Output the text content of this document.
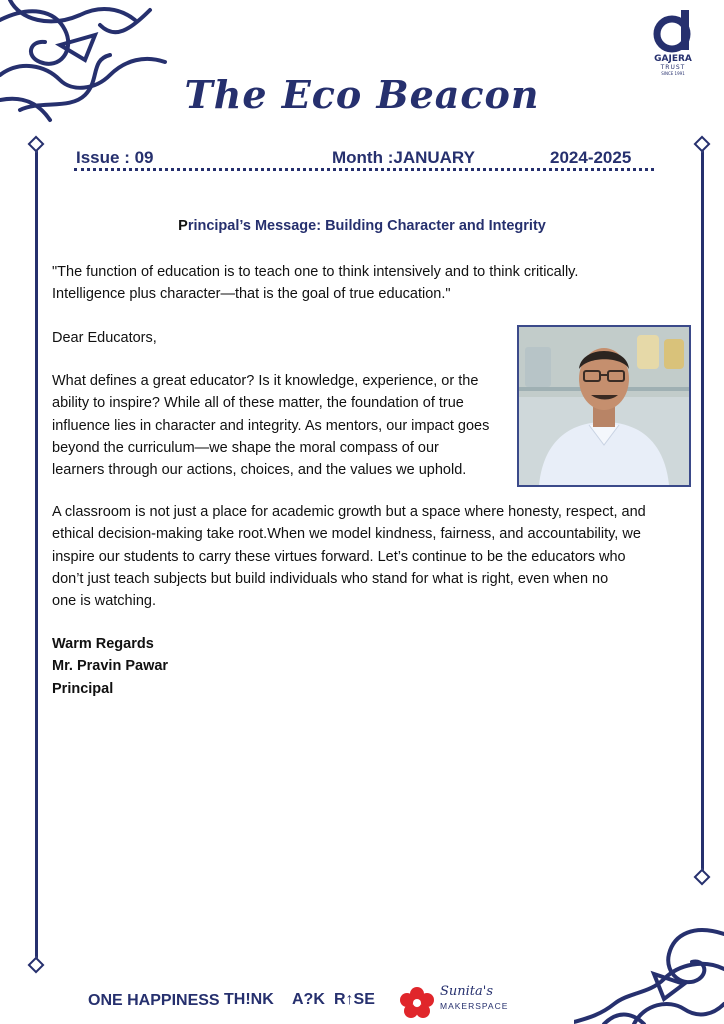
GAJERA
TRUST
SINCE 1991
The Eco Beacon
Issue : 09	Month :JANUARY	2024-2025
Principal’s Message: Building Character and Integrity
"The function of education is to teach one to think intensively and to think critically.
Intelligence plus character—that is the goal of true education."
Dear Educators,
What defines a great educator? Is it knowledge, experience, or the
ability to inspire? While all of these matter, the foundation of true
influence lies in character and integrity. As mentors, our impact goes
beyond the curriculum—we shape the moral compass of our
learners through our actions, choices, and the values we uphold.
A classroom is not just a place for academic growth but a space where honesty, respect, and
ethical decision-making take root.When we model kindness, fairness, and accountability, we
inspire our students to carry these virtues forward. Let’s continue to be the educators who
don’t just teach subjects but build individuals who stand for what is right, even when no
one is watching.
Warm Regards
Mr. Pravin Pawar
Principal
ONE HAPPINESS TH!NK A?K R↑SE	Sunita's
MAKERSPACE
